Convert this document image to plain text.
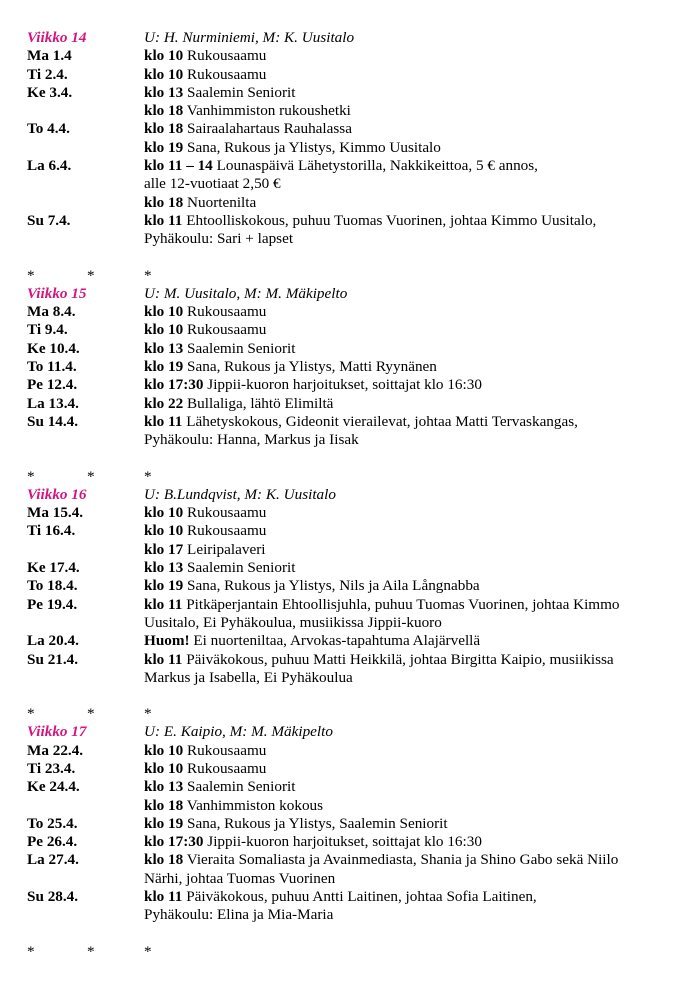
Viikko 14	U: H. Nurminiemi, M: K. Uusitalo
Ma 1.4	klo 10 Rukousaamu
Ti 2.4.	klo 10 Rukousaamu
Ke 3.4.	klo 13 Saalemin Seniorit
klo 18 Vanhimmiston rukoushetki
To 4.4.	klo 18 Sairaalahartaus Rauhalassa
klo 19 Sana, Rukous ja Ylistys, Kimmo Uusitalo
La 6.4.	klo 11 – 14 Lounaspäivä Lähetystorilla, Nakkikeittoa, 5 € annos,
alle 12-vuotiaat 2,50 €
klo 18 Nuortenilta
Su 7.4.	klo 11 Ehtoolliskokous, puhuu Tuomas Vuorinen, johtaa Kimmo Uusitalo,
Pyhäkoulu: Sari + lapset
*	*	*
Viikko 15	U: M. Uusitalo, M: M. Mäkipelto
Ma 8.4.	klo 10 Rukousaamu
Ti 9.4.	klo 10 Rukousaamu
Ke 10.4.	klo 13 Saalemin Seniorit
To 11.4.	klo 19 Sana, Rukous ja Ylistys, Matti Ryynänen
Pe 12.4.	klo 17:30 Jippii-kuoron harjoitukset, soittajat klo 16:30
La 13.4.	klo 22 Bullaliga, lähtö Elimiltä
Su 14.4.	klo 11 Lähetyskokous, Gideonit vierailevat, johtaa Matti Tervaskangas,
Pyhäkoulu: Hanna, Markus ja Iisak
*	*	*
Viikko 16	U: B.Lundqvist, M: K. Uusitalo
Ma 15.4.	klo 10 Rukousaamu
Ti 16.4.	klo 10 Rukousaamu
klo 17 Leiripalaveri
Ke 17.4.	klo 13 Saalemin Seniorit
To 18.4.	klo 19 Sana, Rukous ja Ylistys, Nils ja Aila Långnabba
Pe 19.4.	klo 11 Pitkäperjantain Ehtoollisjuhla, puhuu Tuomas Vuorinen, johtaa Kimmo
Uusitalo, Ei Pyhäkoulua, musiikissa Jippii-kuoro
La 20.4.	Huom! Ei nuorteniltaa, Arvokas-tapahtuma Alajärvellä
Su 21.4.	klo 11 Päiväkokous, puhuu Matti Heikkilä, johtaa Birgitta Kaipio, musiikissa
Markus ja Isabella, Ei Pyhäkoulua
*	*	*
Viikko 17	U: E. Kaipio, M: M. Mäkipelto
Ma 22.4.	klo 10 Rukousaamu
Ti 23.4.	klo 10 Rukousaamu
Ke 24.4.	klo 13 Saalemin Seniorit
klo 18 Vanhimmiston kokous
To 25.4.	klo 19 Sana, Rukous ja Ylistys, Saalemin Seniorit
Pe 26.4.	klo 17:30 Jippii-kuoron harjoitukset, soittajat klo 16:30
La 27.4.	klo 18 Vieraita Somaliasta ja Avainmediasta, Shania ja Shino Gabo sekä Niilo
Närhi, johtaa Tuomas Vuorinen
Su 28.4.	klo 11 Päiväkokous, puhuu Antti Laitinen, johtaa Sofia Laitinen,
Pyhäkoulu: Elina ja Mia-Maria
*	*	*
